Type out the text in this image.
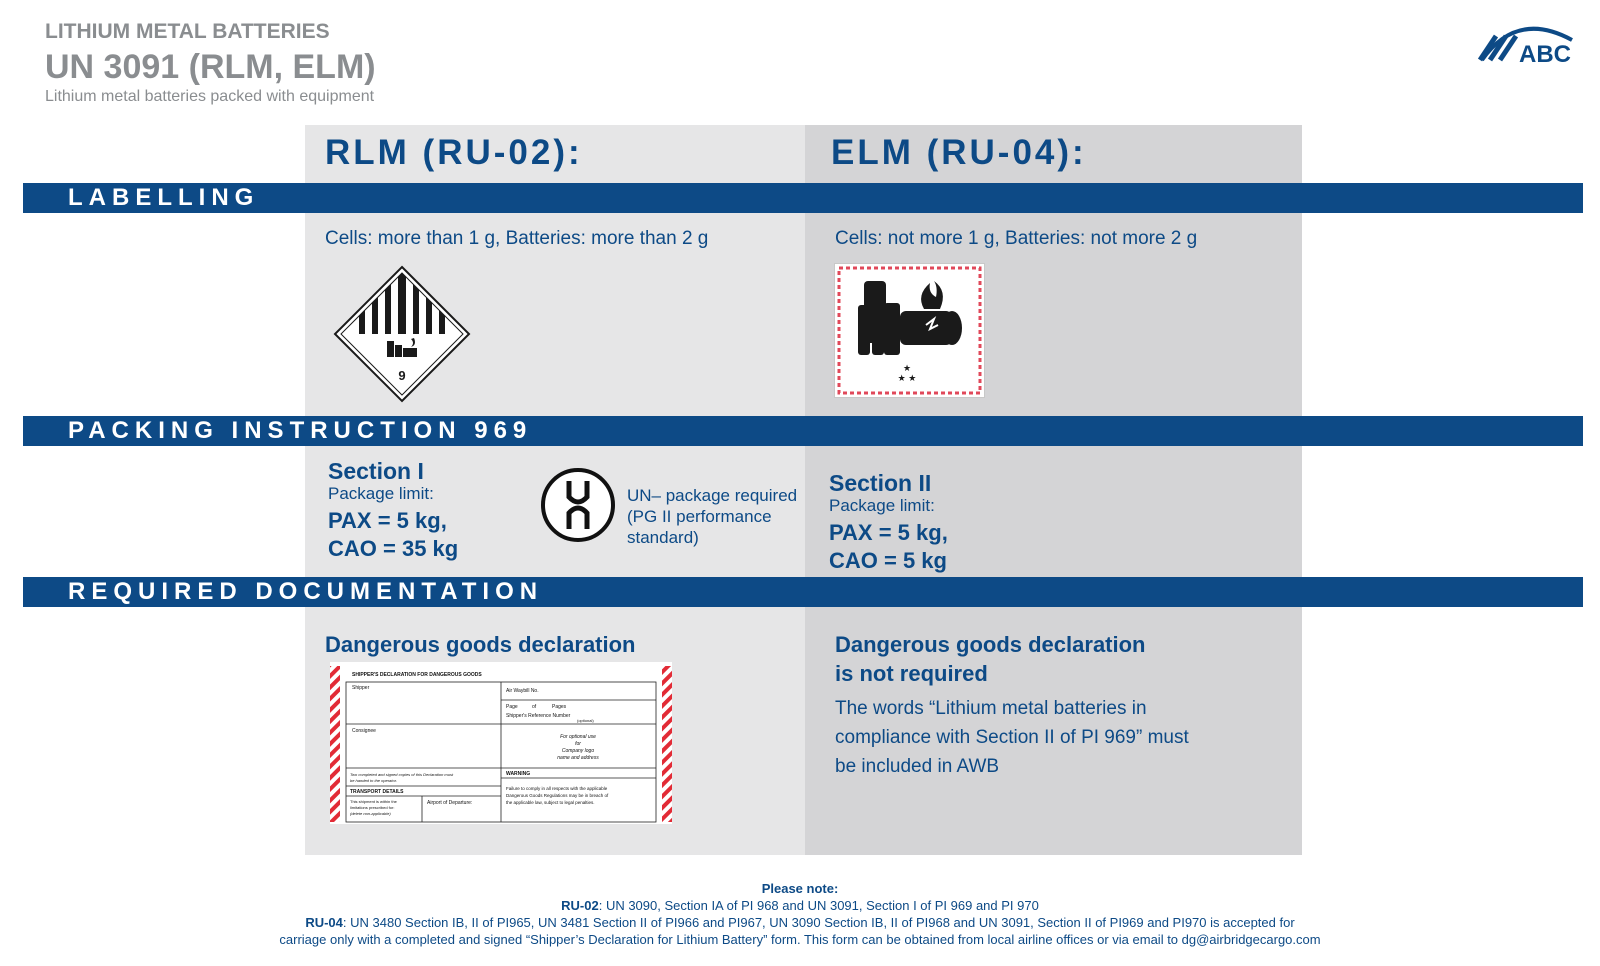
LITHIUM METAL BATTERIES
UN 3091 (RLM, ELM)
Lithium metal batteries packed with equipment
ABC
RLM (RU-02):	ELM (RU-04):
LABELLING
Cells: more than 1 g, Batteries: more than 2 g	Cells: not more 1 g, Batteries: not more 2 g
9	★
★ ★
PACKING INSTRUCTION 969
Section I
Package limit:
PAX = 5 kg,
CAO = 35 kg
UN– package required
(PG II performance
standard)
Section II
Package limit:
PAX = 5 kg,
CAO = 5 kg
REQUIRED DOCUMENTATION
Dangerous goods declaration
SHIPPER'S DECLARATION FOR DANGEROUS GOODS
Shipper	Air Waybill No.
Page	of	Pages
Shipper's Reference Number
(optional)
Consignee
For optional use
for
Company logo
name and address
Two completed and signed copies of this Declaration must
be handed to the operator.
WARNING
TRANSPORT DETAILS
This shipment is within the
limitations prescribed for:
(delete non-applicable)
Airport of Departure:
Failure to comply in all respects with the applicable
Dangerous Goods Regulations may be in breach of
the applicable law, subject to legal penalties.
Dangerous goods declaration
is not required
The words “Lithium metal batteries in
compliance with Section II of PI 969” must
be included in AWB
Please note:
RU-02: UN 3090, Section IA of PI 968 and UN 3091, Section I of PI 969 and PI 970
RU-04: UN 3480 Section IB, II of PI965, UN 3481 Section II of PI966 and PI967, UN 3090 Section IB, II of PI968 and UN 3091, Section II of PI969 and PI970 is accepted for
carriage only with a completed and signed “Shipper’s Declaration for Lithium Battery” form. This form can be obtained from local airline offices or via email to dg@airbridgecargo.com
